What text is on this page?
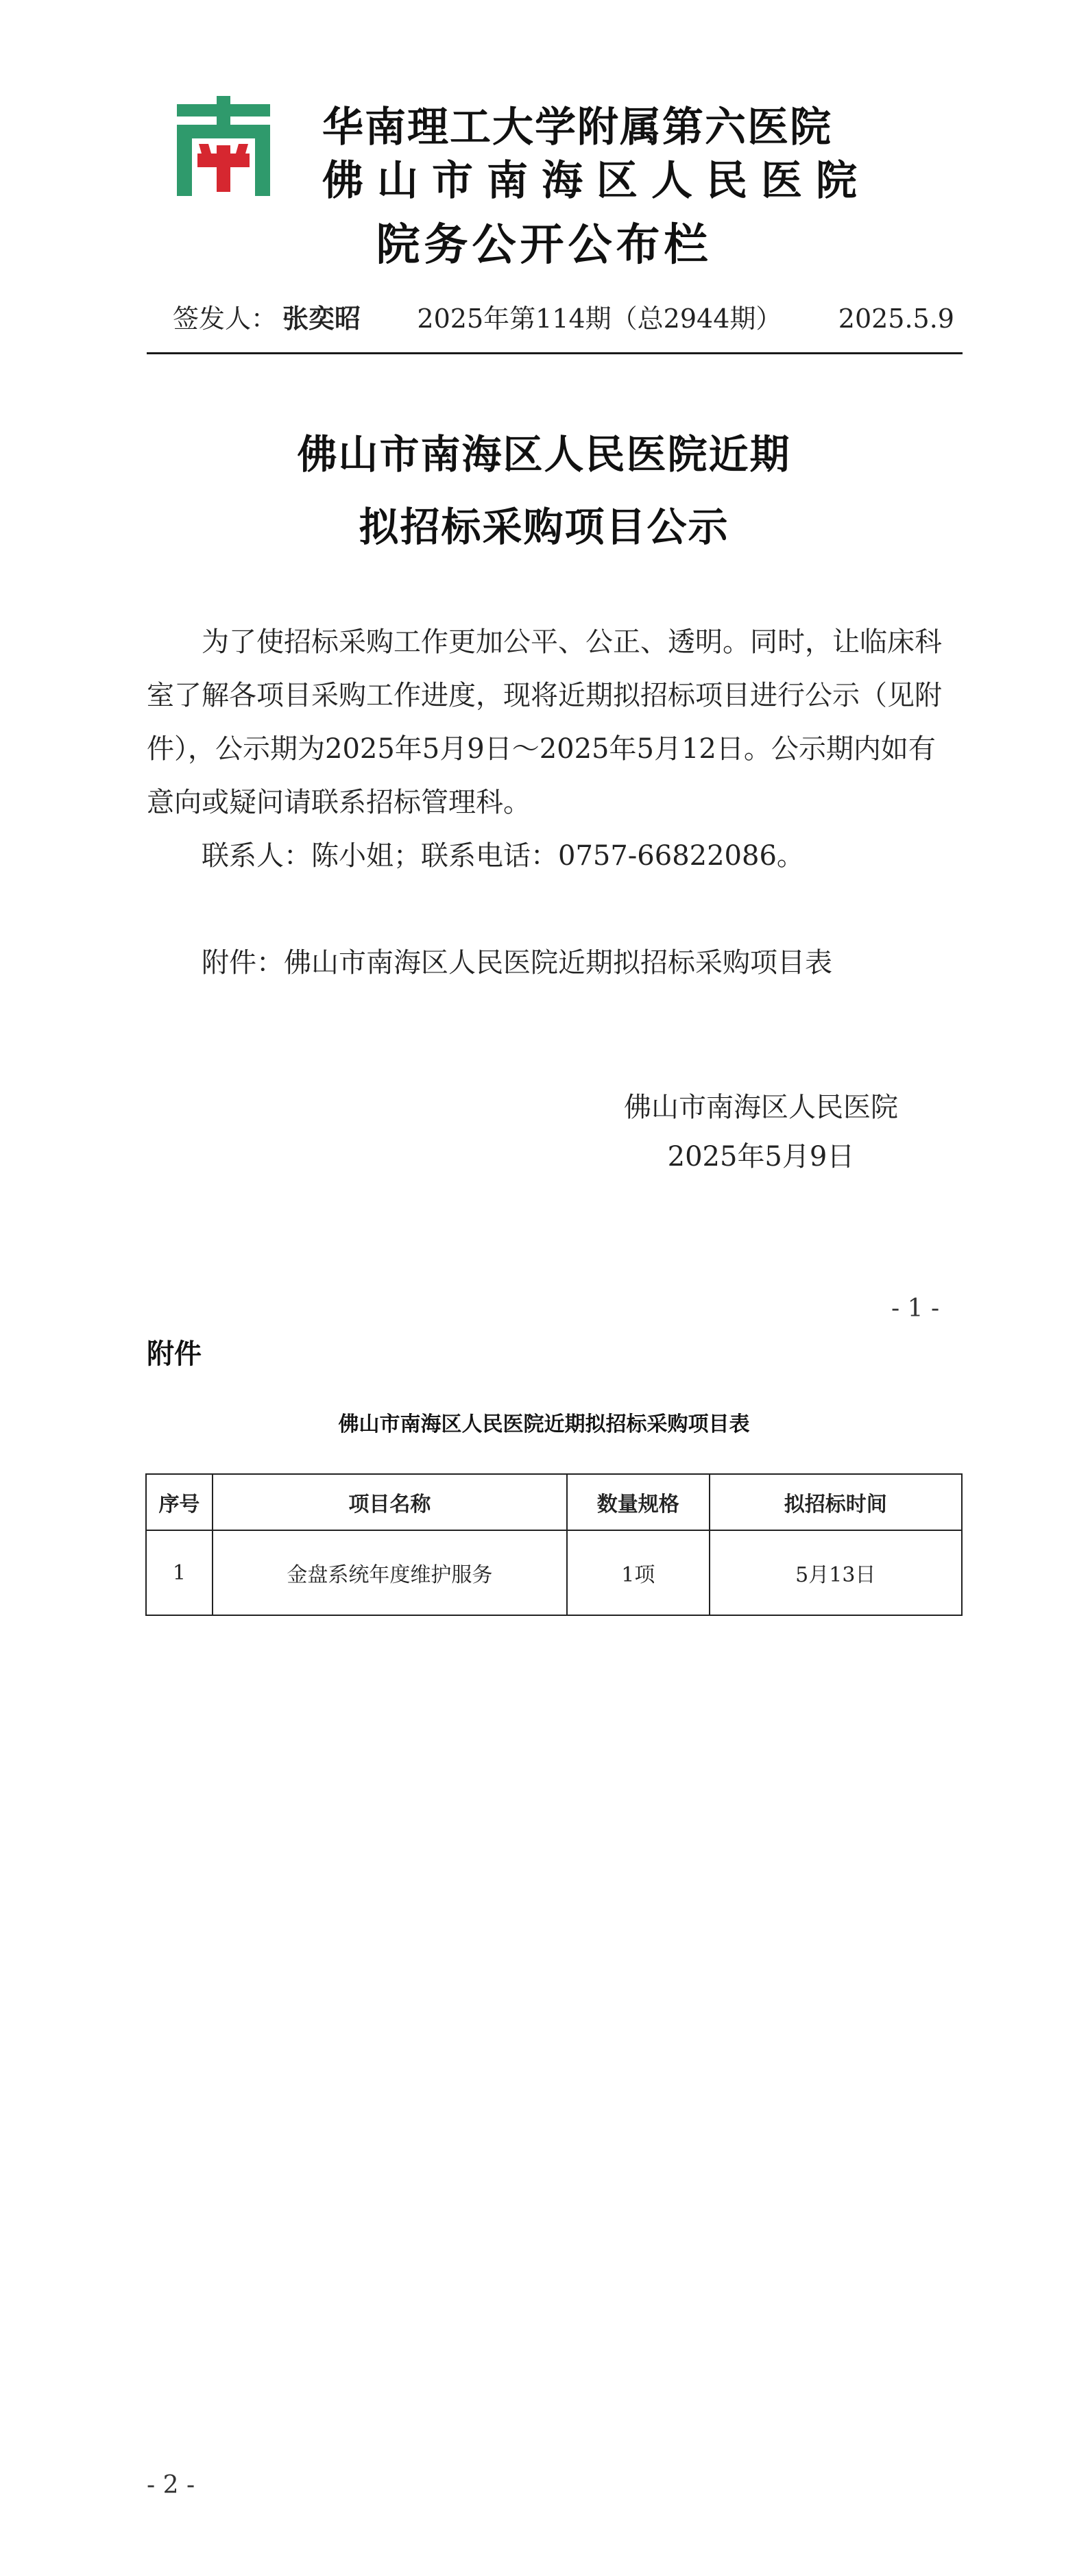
华南理工大学附属第六医院
佛山市南海区人民医院
院务公开公布栏
签发人： 张奕昭 2025年第114期（总2944期） 2025.5.9
佛山市南海区人民医院近期
拟招标采购项目公示

为了使招标采购工作更加公平、公正、透明。同时，让临床科室了解各项目采购工作进度，现将近期拟招标项目进行公示（见附件），公示期为2025年5月9日～2025年5月12日。公示期内如有意向或疑问请联系招标管理科。

联系人：陈小姐；联系电话：0757-66822086。

附件：佛山市南海区人民医院近期拟招标采购项目表

佛山市南海区人民医院
2025年5月9日
- 1 -
附件
佛山市南海区人民医院近期拟招标采购项目表
序号	项目名称	数量规格	拟招标时间
1	金盘系统年度维护服务	1项	5月13日
- 2 -
